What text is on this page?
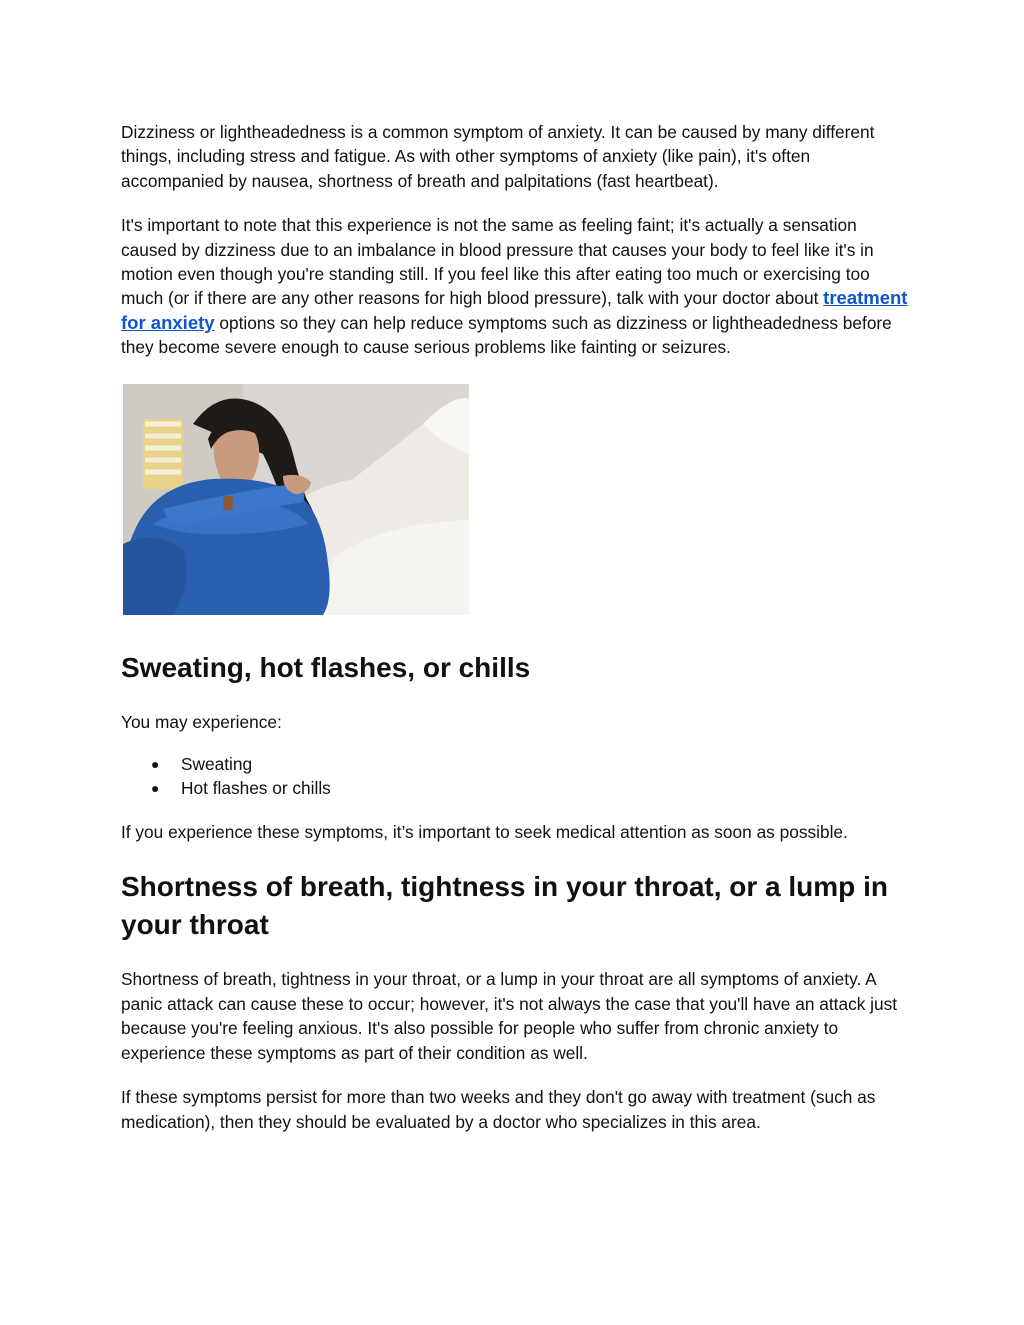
Dizziness or lightheadedness is a common symptom of anxiety. It can be caused by many different things, including stress and fatigue. As with other symptoms of anxiety (like pain), it's often accompanied by nausea, shortness of breath and palpitations (fast heartbeat).

It's important to note that this experience is not the same as feeling faint; it's actually a sensation caused by dizziness due to an imbalance in blood pressure that causes your body to feel like it's in motion even though you're standing still. If you feel like this after eating too much or exercising too much (or if there are any other reasons for high blood pressure), talk with your doctor about treatment for anxiety options so they can help reduce symptoms such as dizziness or lightheadedness before they become severe enough to cause serious problems like fainting or seizures.

Sweating, hot flashes, or chills

You may experience:

● Sweating
● Hot flashes or chills

If you experience these symptoms, it’s important to seek medical attention as soon as possible.

Shortness of breath, tightness in your throat, or a lump in your throat

Shortness of breath, tightness in your throat, or a lump in your throat are all symptoms of anxiety. A panic attack can cause these to occur; however, it's not always the case that you'll have an attack just because you're feeling anxious. It's also possible for people who suffer from chronic anxiety to experience these symptoms as part of their condition as well.

If these symptoms persist for more than two weeks and they don't go away with treatment (such as medication), then they should be evaluated by a doctor who specializes in this area.
